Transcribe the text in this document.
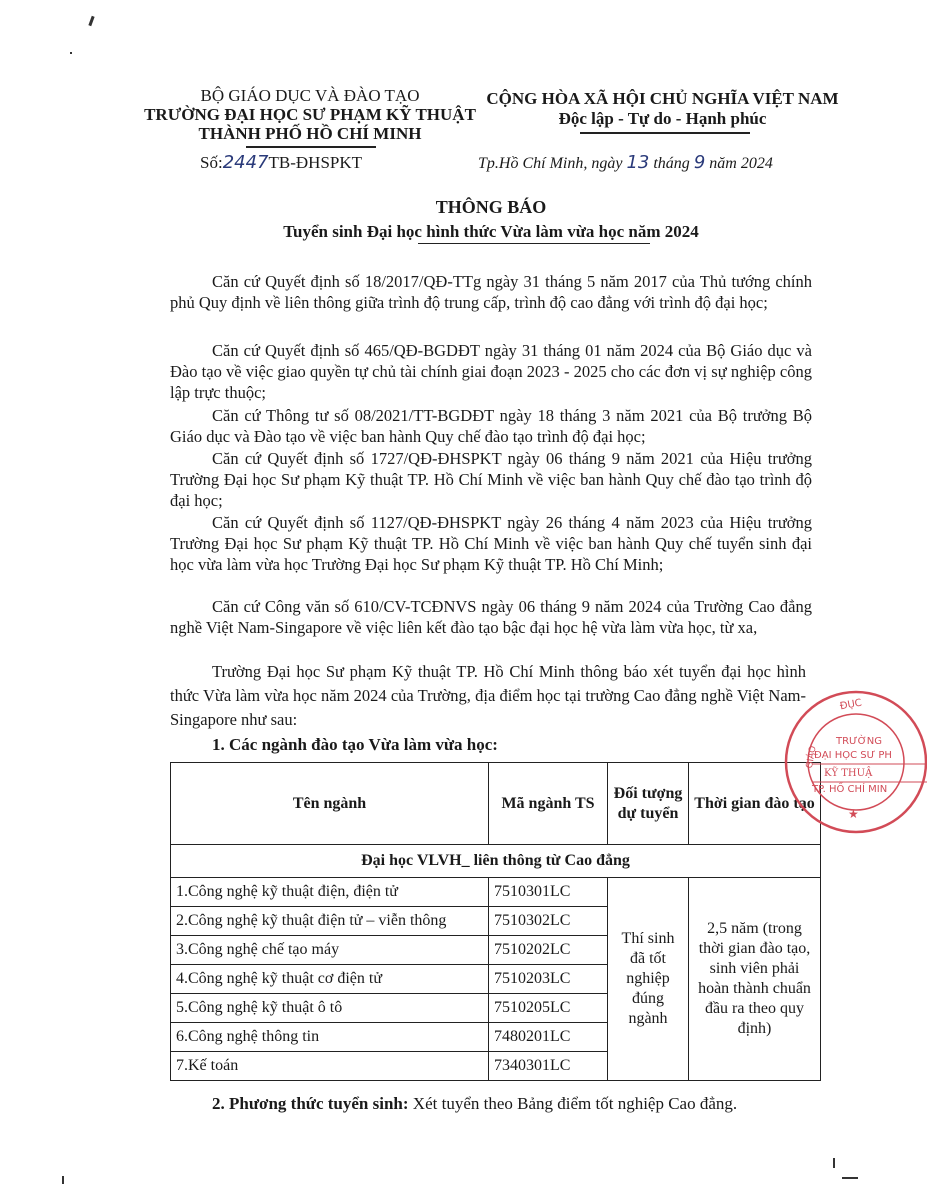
BỘ GIÁO DỤC VÀ ĐÀO TẠO
TRƯỜNG ĐẠI HỌC SƯ PHẠM KỸ THUẬT
THÀNH PHỐ HỒ CHÍ MINH
Số:2447TB-ĐHSPKT
CỘNG HÒA XÃ HỘI CHỦ NGHĨA VIỆT NAM
Độc lập - Tự do - Hạnh phúc
Tp.Hồ Chí Minh, ngày 13 tháng 9 năm 2024
THÔNG BÁO
Tuyển sinh Đại học hình thức Vừa làm vừa học năm 2024
Căn cứ Quyết định số 18/2017/QĐ-TTg ngày 31 tháng 5 năm 2017 của Thủ tướng chính phủ Quy định về liên thông giữa trình độ trung cấp, trình độ cao đẳng với trình độ đại học;
Căn cứ Quyết định số 465/QĐ-BGDĐT ngày 31 tháng 01 năm 2024 của Bộ Giáo dục và Đào tạo về việc giao quyền tự chủ tài chính giai đoạn 2023 - 2025 cho các đơn vị sự nghiệp công lập trực thuộc;
Căn cứ Thông tư số 08/2021/TT-BGDĐT ngày 18 tháng 3 năm 2021 của Bộ trưởng Bộ Giáo dục và Đào tạo về việc ban hành Quy chế đào tạo trình độ đại học;
Căn cứ Quyết định số 1727/QĐ-ĐHSPKT ngày 06 tháng 9 năm 2021 của Hiệu trưởng Trường Đại học Sư phạm Kỹ thuật TP. Hồ Chí Minh về việc ban hành Quy chế đào tạo trình độ đại học;
Căn cứ Quyết định số 1127/QĐ-ĐHSPKT ngày 26 tháng 4 năm 2023 của Hiệu trưởng Trường Đại học Sư phạm Kỹ thuật TP. Hồ Chí Minh về việc ban hành Quy chế tuyển sinh đại học vừa làm vừa học Trường Đại học Sư phạm Kỹ thuật TP. Hồ Chí Minh;
Căn cứ Công văn số 610/CV-TCĐNVS ngày 06 tháng 9 năm 2024 của Trường Cao đẳng nghề Việt Nam-Singapore về việc liên kết đào tạo bậc đại học hệ vừa làm vừa học, từ xa,
Trường Đại học Sư phạm Kỹ thuật TP. Hồ Chí Minh thông báo xét tuyển đại học hình thức Vừa làm vừa học năm 2024 của Trường, địa điểm học tại trường Cao đẳng nghề Việt Nam-Singapore như sau:
1. Các ngành đào tạo Vừa làm vừa học:
Tên ngành	Mã ngành TS	Đối tượng dự tuyển	Thời gian đào tạo
Đại học VLVH_ liên thông từ Cao đẳng			
1.Công nghệ kỹ thuật điện, điện tử	7510301LC	Thí sinh đã tốt nghiệp đúng ngành	2,5 năm (trong thời gian đào tạo, sinh viên phải hoàn thành chuẩn đầu ra theo quy định)
2.Công nghệ kỹ thuật điện tử – viễn thông	7510302LC		
3.Công nghệ chế tạo máy	7510202LC		
4.Công nghệ kỹ thuật cơ điện tử	7510203LC		
5.Công nghệ kỹ thuật ô tô	7510205LC		
6.Công nghệ thông tin	7480201LC		
7.Kế toán	7340301LC		
2. Phương thức tuyển sinh: Xét tuyển theo Bảng điểm tốt nghiệp Cao đẳng.
ĐỤC
GIÁO
TRƯỜNG
ĐẠI HỌC SƯ PH
KỸ THUẬ
TP. HỒ CHÍ MIN
★
